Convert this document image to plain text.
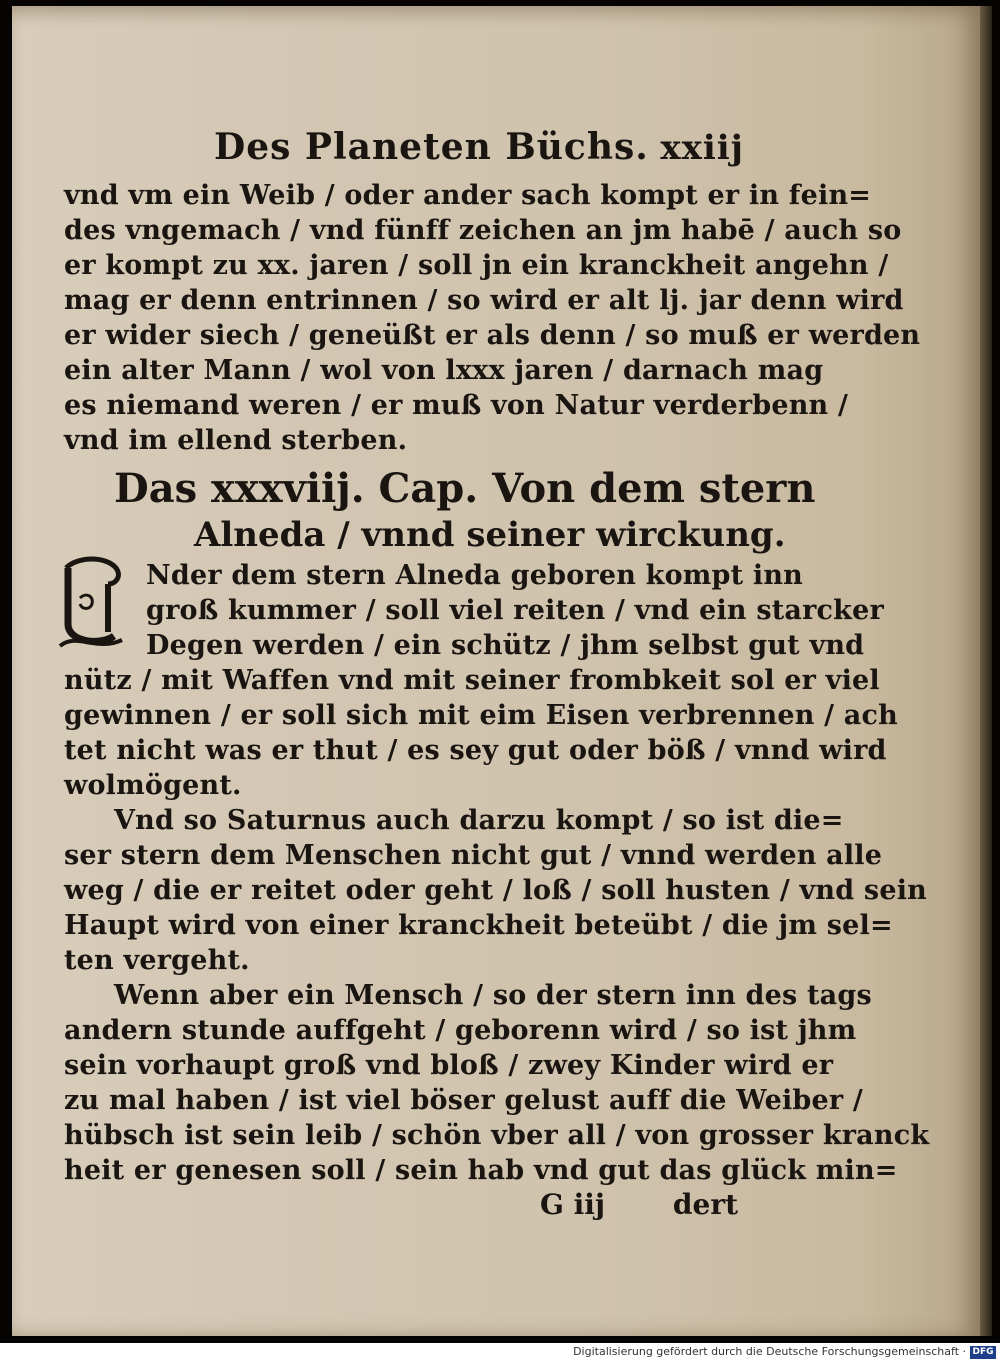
Des Planeten Büchs. xxiij
vnd vm ein Weib / oder ander sach kompt er in fein=
des vngemach / vnd fünff zeichen an jm habē / auch so
er kompt zu xx. jaren / soll jn ein kranckheit angehn /
mag er denn entrinnen / so wird er alt lj. jar denn wird
er wider siech / geneüßt er als denn / so muß er werden
ein alter Mann / wol von lxxx jaren / darnach mag
es niemand weren / er muß von Natur verderbenn /
vnd im ellend sterben.
Das xxxviij. Cap. Von dem stern
Alneda / vnnd seiner wirckung.
Nder dem stern Alneda geboren kompt inn
groß kummer / soll viel reiten / vnd ein starcker
Degen werden / ein schütz / jhm selbst gut vnd
nütz / mit Waffen vnd mit seiner frombkeit sol er viel
gewinnen / er soll sich mit eim Eisen verbrennen / ach
tet nicht was er thut / es sey gut oder böß / vnnd wird
wolmögent.
Vnd so Saturnus auch darzu kompt / so ist die=
ser stern dem Menschen nicht gut / vnnd werden alle
weg / die er reitet oder geht / loß / soll husten / vnd sein
Haupt wird von einer kranckheit beteübt / die jm sel=
ten vergeht.
Wenn aber ein Mensch / so der stern inn des tags
andern stunde auffgeht / geborenn wird / so ist jhm
sein vorhaupt groß vnd bloß / zwey Kinder wird er
zu mal haben / ist viel böser gelust auff die Weiber /
hübsch ist sein leib / schön vber all / von grosser kranck
heit er genesen soll / sein hab vnd gut das glück min=
G iij dert
Digitalisierung gefördert durch die Deutsche Forschungsgemeinschaft · DFG
